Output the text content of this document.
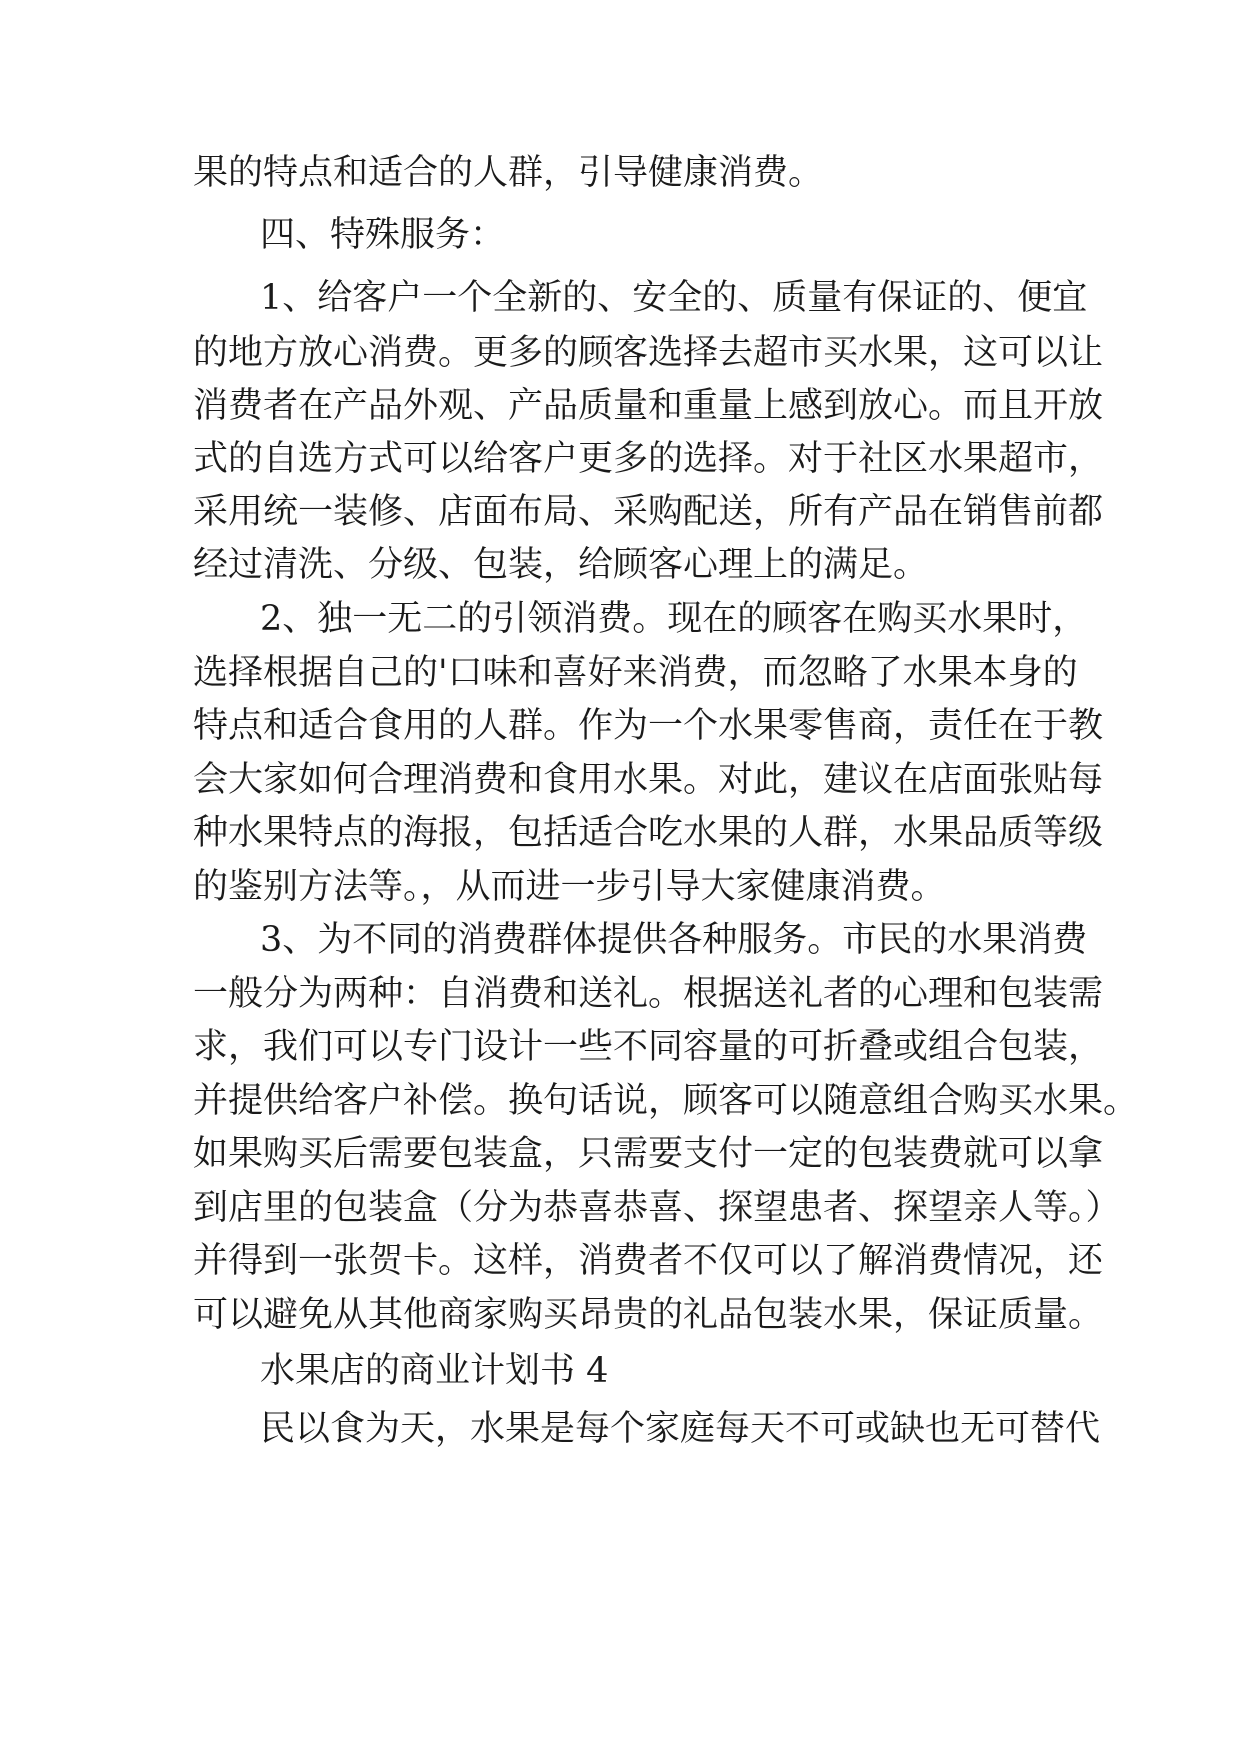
果的特点和适合的人群，引导健康消费。
四、特殊服务：
1、给客户一个全新的、安全的、质量有保证的、便宜
的地方放心消费。更多的顾客选择去超市买水果，这可以让
消费者在产品外观、产品质量和重量上感到放心。而且开放
式的自选方式可以给客户更多的选择。对于社区水果超市，
采用统一装修、店面布局、采购配送，所有产品在销售前都
经过清洗、分级、包装，给顾客心理上的满足。
2、独一无二的引领消费。现在的顾客在购买水果时，
选择根据自己的'口味和喜好来消费，而忽略了水果本身的
特点和适合食用的人群。作为一个水果零售商，责任在于教
会大家如何合理消费和食用水果。对此，建议在店面张贴每
种水果特点的海报，包括适合吃水果的人群，水果品质等级
的鉴别方法等。，从而进一步引导大家健康消费。
3、为不同的消费群体提供各种服务。市民的水果消费
一般分为两种：自消费和送礼。根据送礼者的心理和包装需
求，我们可以专门设计一些不同容量的可折叠或组合包装，
并提供给客户补偿。换句话说，顾客可以随意组合购买水果。
如果购买后需要包装盒，只需要支付一定的包装费就可以拿
到店里的包装盒（分为恭喜恭喜、探望患者、探望亲人等。）
并得到一张贺卡。这样，消费者不仅可以了解消费情况，还
可以避免从其他商家购买昂贵的礼品包装水果，保证质量。
水果店的商业计划书 4
民以食为天，水果是每个家庭每天不可或缺也无可替代
